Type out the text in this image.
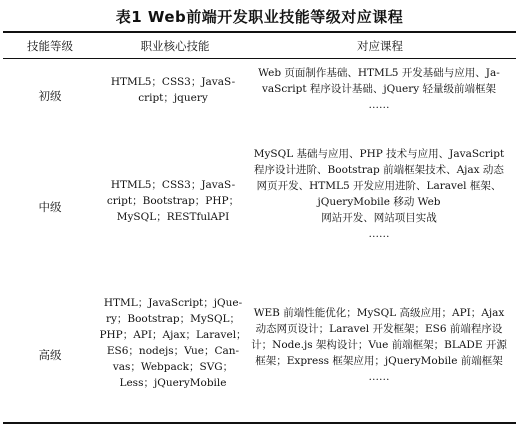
表1 Web前端开发职业技能等级对应课程
技能等级	职业核心技能	对应课程
初级
HTML5；CSS3；JavaS-
cript；jquery
Web 页面制作基础、HTML5 开发基础与应用、Ja-
vaScript 程序设计基础、jQuery 轻量级前端框架
……
中级
HTML5；CSS3；JavaS-
cript；Bootstrap；PHP；
MySQL；RESTfulAPI
MySQL 基础与应用、PHP 技术与应用、JavaScript
程序设计进阶、Bootstrap 前端框架技术、Ajax 动态
网页开发、HTML5 开发应用进阶、Laravel 框架、
jQueryMobile 移动 Web
网站开发、网站项目实战
……
高级
HTML；JavaScript；jQue-
ry；Bootstrap；MySQL；
PHP；API；Ajax；Laravel；
ES6；nodejs；Vue；Can-
vas；Webpack；SVG；
Less；jQueryMobile
WEB 前端性能优化；MySQL 高级应用；API；Ajax
动态网页设计；Laravel 开发框架；ES6 前端程序设
计；Node.js 架构设计；Vue 前端框架；BLADE 开源
框架；Express 框架应用；jQueryMobile 前端框架
……
